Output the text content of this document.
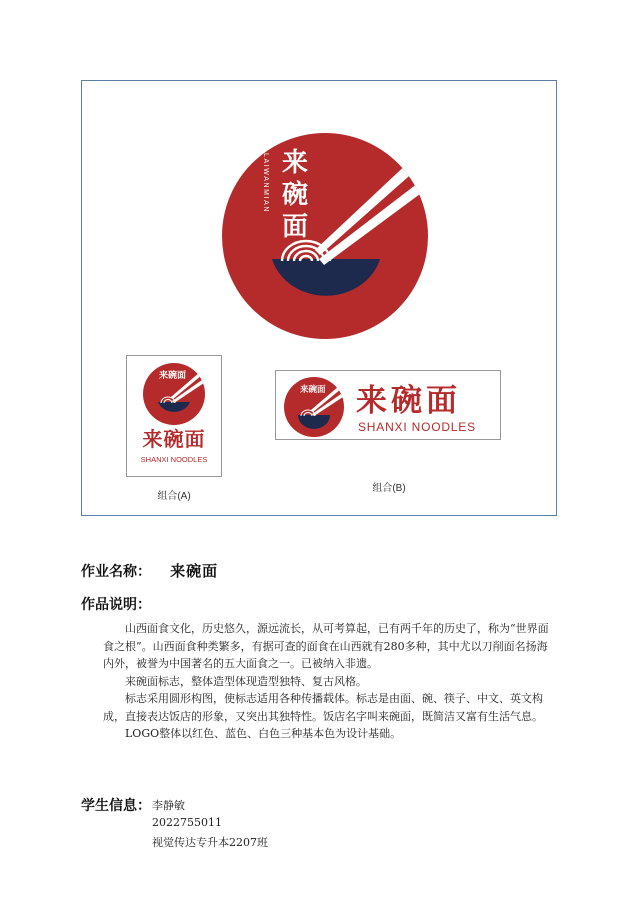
来
碗
面
LAIWANMIAN
来碗面
来碗面
SHANXI NOODLES
组合(A)
来碗面 来碗面
SHANXI NOODLES
组合(B)
作业名称： 来碗面
作品说明：

山西面食文化，历史悠久，源远流长，从可考算起，已有两千年的历史了，称为“世界面食之根”。山西面食种类繁多，有据可查的面食在山西就有280多种，其中尤以刀削面名扬海内外，被誉为中国著名的五大面食之一。已被纳入非遗。

来碗面标志，整体造型体现造型独特、复古风格。

标志采用圆形构图，使标志适用各种传播载体。标志是由面、碗、筷子、中文、英文构成，直接表达饭店的形象，又突出其独特性。饭店名字叫来碗面，既简洁又富有生活气息。

LOGO整体以红色、蓝色、白色三种基本色为设计基础。

学生信息： 李静敏
2022755011
视觉传达专升本2207班
